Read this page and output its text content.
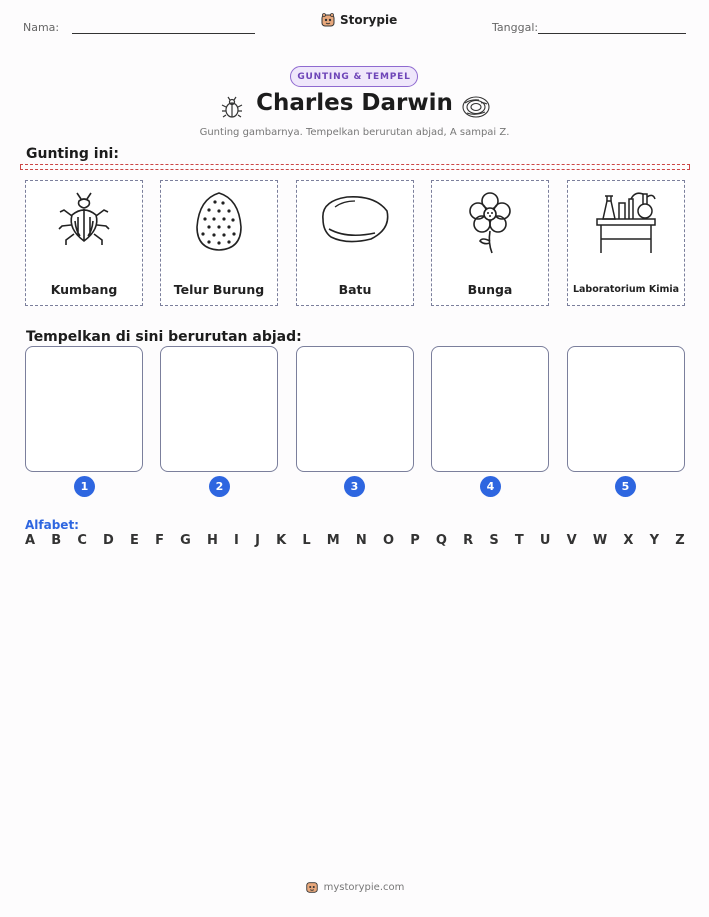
Nama:
Storypie
Tanggal:
GUNTING & TEMPEL
Charles Darwin
Gunting gambarnya. Tempelkan berurutan abjad, A sampai Z.
Gunting ini:
Kumbang	Telur Burung	Batu	Bunga	Laboratorium Kimia
Tempelkan di sini berurutan abjad:
1	2	3	4	5
Alfabet:
A B C D E F G H I J K L M N O P Q R S T U V W X Y Z
mystorypie.com
